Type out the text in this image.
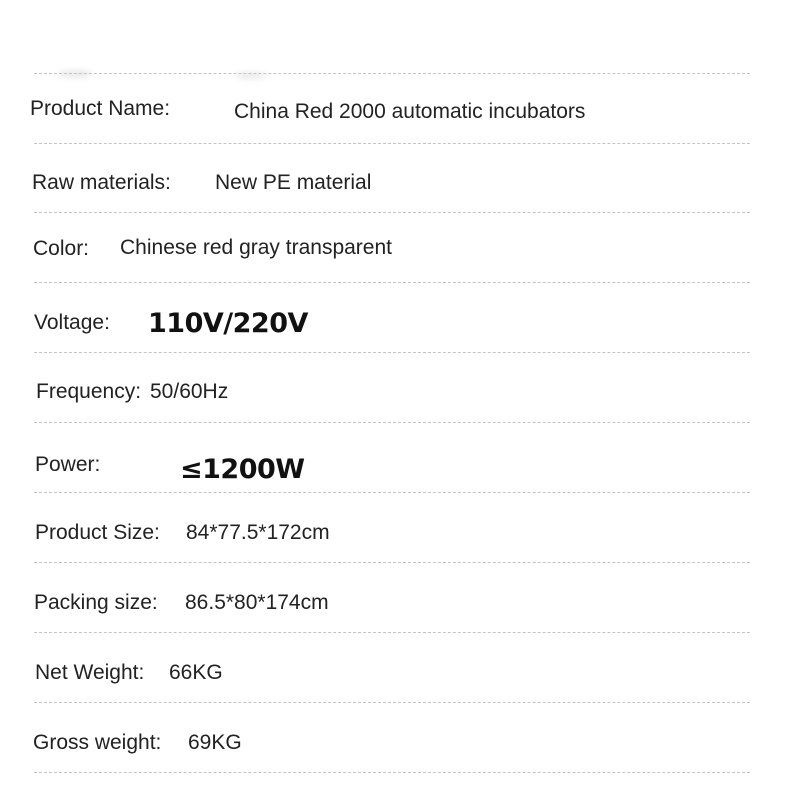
Product Name:	China Red 2000 automatic incubators
Raw materials: New PE material
Color: Chinese red gray transparent
Voltage: 110V/220V
Frequency: 50/60Hz
Power:	≤1200W
Product Size: 84*77.5*172cm
Packing size: 86.5*80*174cm
Net Weight: 66KG
Gross weight: 69KG
